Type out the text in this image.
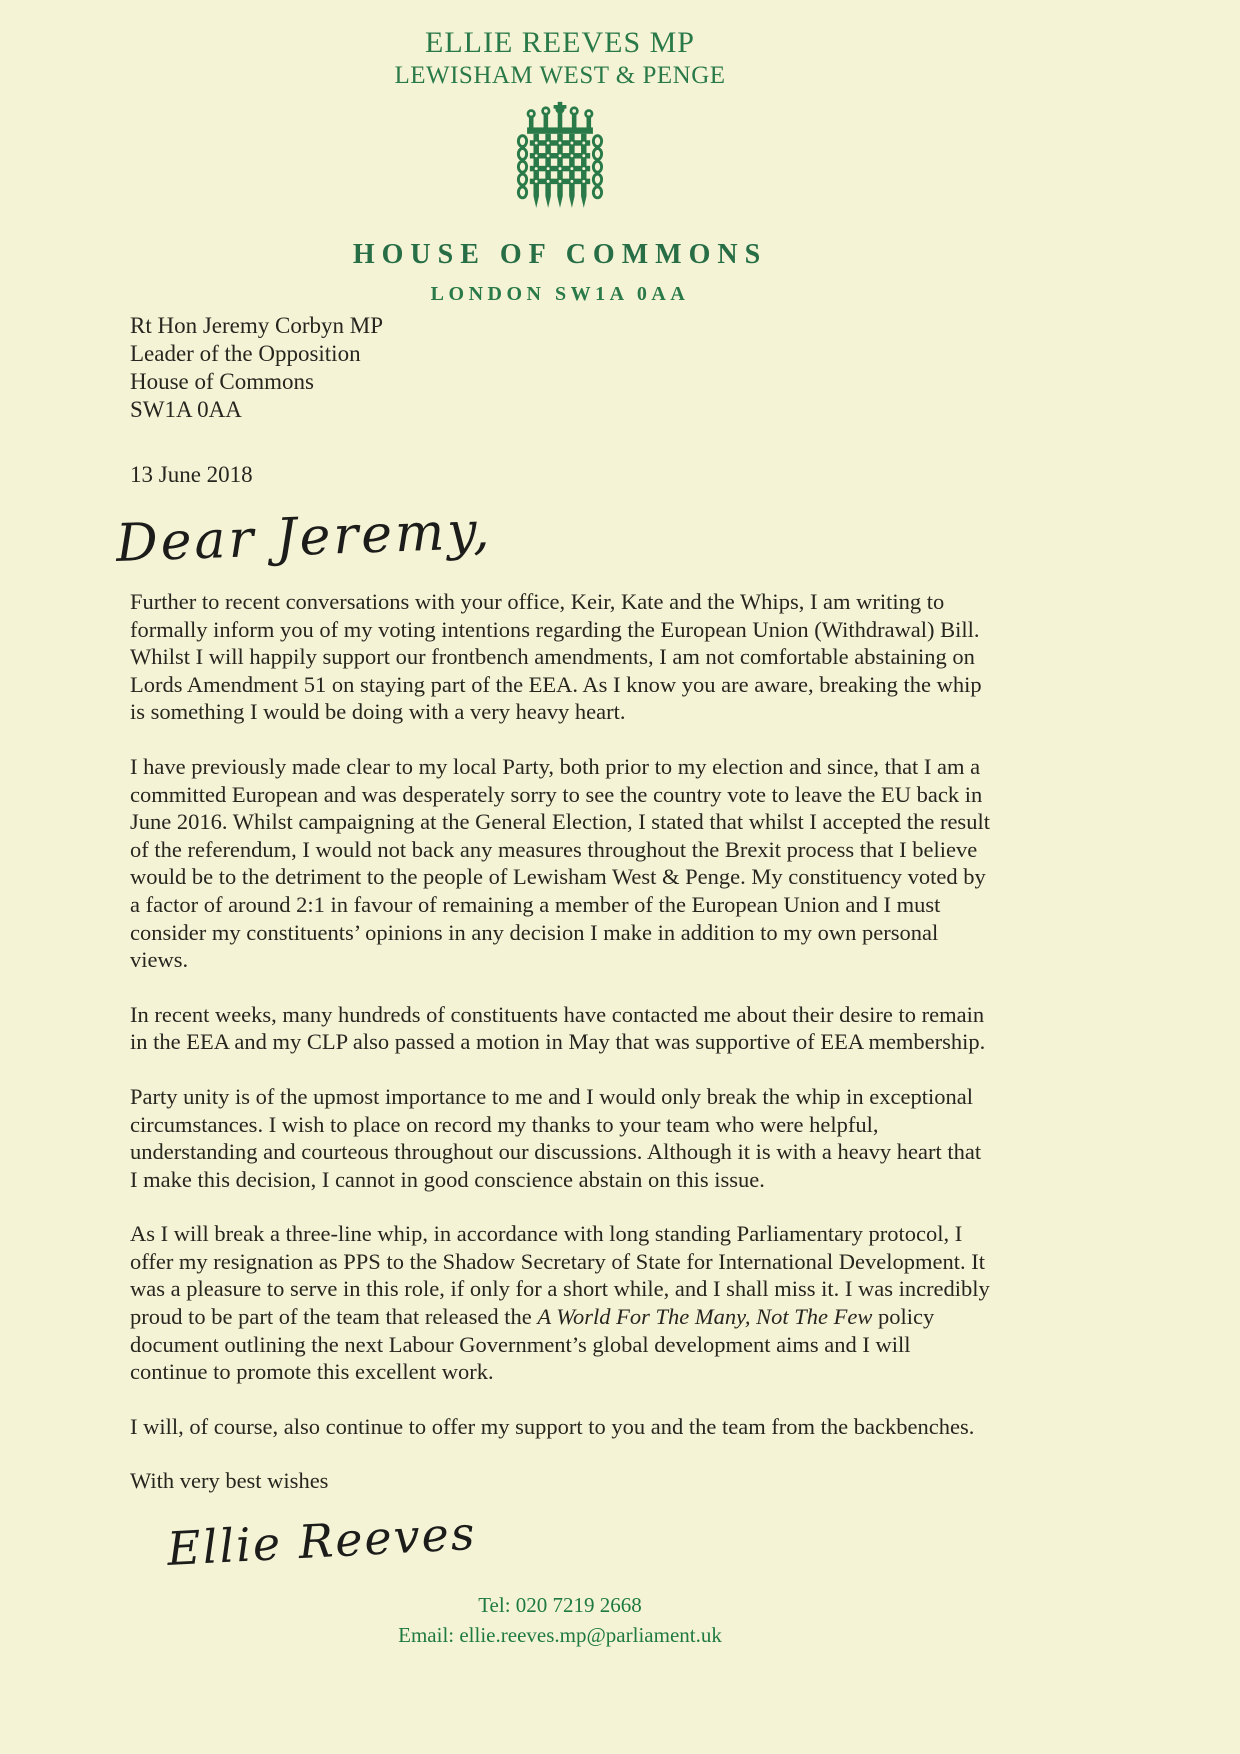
ELLIE REEVES MP
LEWISHAM WEST & PENGE
HOUSE OF COMMONS
LONDON SW1A 0AA
Rt Hon Jeremy Corbyn MP
Leader of the Opposition
House of Commons
SW1A 0AA
13 June 2018
Dear Jeremy,

Further to recent conversations with your office, Keir, Kate and the Whips, I am writing to formally inform you of my voting intentions regarding the European Union (Withdrawal) Bill. Whilst I will happily support our frontbench amendments, I am not comfortable abstaining on Lords Amendment 51 on staying part of the EEA. As I know you are aware, breaking the whip is something I would be doing with a very heavy heart.

I have previously made clear to my local Party, both prior to my election and since, that I am a committed European and was desperately sorry to see the country vote to leave the EU back in June 2016. Whilst campaigning at the General Election, I stated that whilst I accepted the result of the referendum, I would not back any measures throughout the Brexit process that I believe would be to the detriment to the people of Lewisham West & Penge. My constituency voted by a factor of around 2:1 in favour of remaining a member of the European Union and I must consider my constituents’ opinions in any decision I make in addition to my own personal views.

In recent weeks, many hundreds of constituents have contacted me about their desire to remain in the EEA and my CLP also passed a motion in May that was supportive of EEA membership.

Party unity is of the upmost importance to me and I would only break the whip in exceptional circumstances. I wish to place on record my thanks to your team who were helpful, understanding and courteous throughout our discussions. Although it is with a heavy heart that I make this decision, I cannot in good conscience abstain on this issue.

As I will break a three-line whip, in accordance with long standing Parliamentary protocol, I offer my resignation as PPS to the Shadow Secretary of State for International Development. It was a pleasure to serve in this role, if only for a short while, and I shall miss it. I was incredibly proud to be part of the team that released the A World For The Many, Not The Few policy document outlining the next Labour Government’s global development aims and I will continue to promote this excellent work.

I will, of course, also continue to offer my support to you and the team from the backbenches.

With very best wishes

Ellie Reeves
Tel: 020 7219 2668
Email: ellie.reeves.mp@parliament.uk
